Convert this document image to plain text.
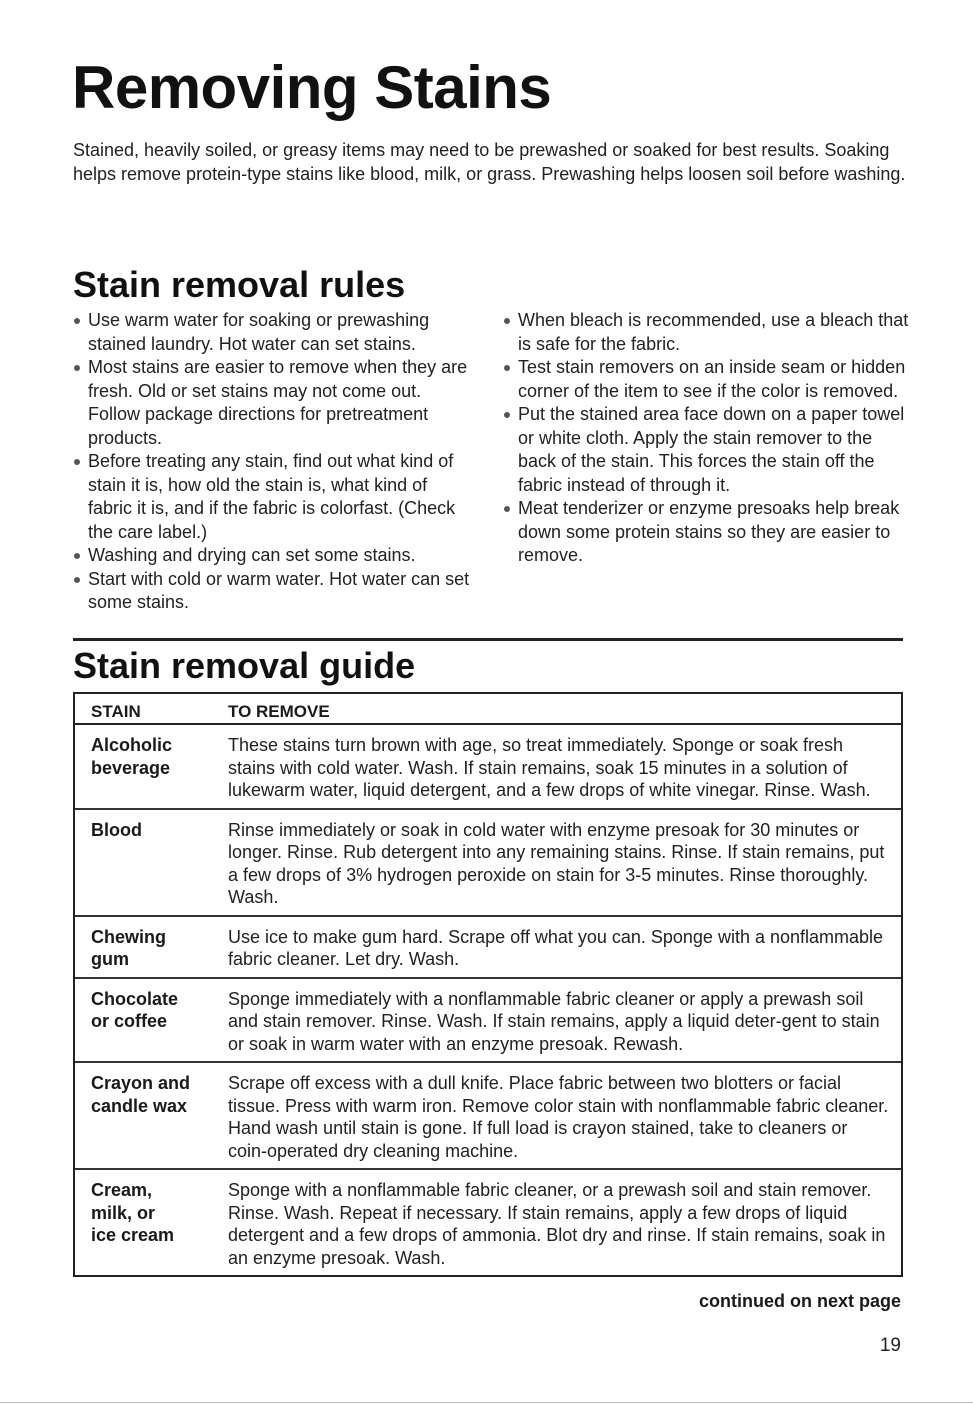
Removing Stains

Stained, heavily soiled, or greasy items may need to be prewashed or soaked for best results. Soaking helps remove protein-type stains like blood, milk, or grass. Prewashing helps loosen soil before washing.

Stain removal rules
Use warm water for soaking or prewashing stained laundry. Hot water can set stains.
Most stains are easier to remove when they are fresh. Old or set stains may not come out. Follow package directions for pretreatment products.
Before treating any stain, find out what kind of stain it is, how old the stain is, what kind of fabric it is, and if the fabric is colorfast. (Check the care label.)
Washing and drying can set some stains.
Start with cold or warm water. Hot water can set some stains.
When bleach is recommended, use a bleach that is safe for the fabric.
Test stain removers on an inside seam or hidden corner of the item to see if the color is removed.
Put the stained area face down on a paper towel or white cloth. Apply the stain remover to the back of the stain. This forces the stain off the fabric instead of through it.
Meat tenderizer or enzyme presoaks help break down some protein stains so they are easier to remove.
Stain removal guide
STAIN	TO REMOVE
Alcoholic
beverage
These stains turn brown with age, so treat immediately. Sponge or soak fresh stains with cold water. Wash. If stain remains, soak 15 minutes in a solution of lukewarm water, liquid detergent, and a few drops of white vinegar. Rinse. Wash.
Blood	Rinse immediately or soak in cold water with enzyme presoak for 30 minutes or longer. Rinse. Rub detergent into any remaining stains. Rinse. If stain remains, put a few drops of 3% hydrogen peroxide on stain for 3-5 minutes. Rinse thoroughly. Wash.
Chewing
gum
Use ice to make gum hard. Scrape off what you can. Sponge with a nonflammable fabric cleaner. Let dry. Wash.
Chocolate
or coffee
Sponge immediately with a nonflammable fabric cleaner or apply a prewash soil and stain remover. Rinse. Wash. If stain remains, apply a liquid deter-gent to stain or soak in warm water with an enzyme presoak. Rewash.
Crayon and
candle wax
Scrape off excess with a dull knife. Place fabric between two blotters or facial tissue. Press with warm iron. Remove color stain with nonflammable fabric cleaner. Hand wash until stain is gone. If full load is crayon stained, take to cleaners or coin-operated dry cleaning machine.
Cream,
milk, or
ice cream
Sponge with a nonflammable fabric cleaner, or a prewash soil and stain remover. Rinse. Wash. Repeat if necessary. If stain remains, apply a few drops of liquid detergent and a few drops of ammonia. Blot dry and rinse. If stain remains, soak in an enzyme presoak. Wash.
continued on next page
19
